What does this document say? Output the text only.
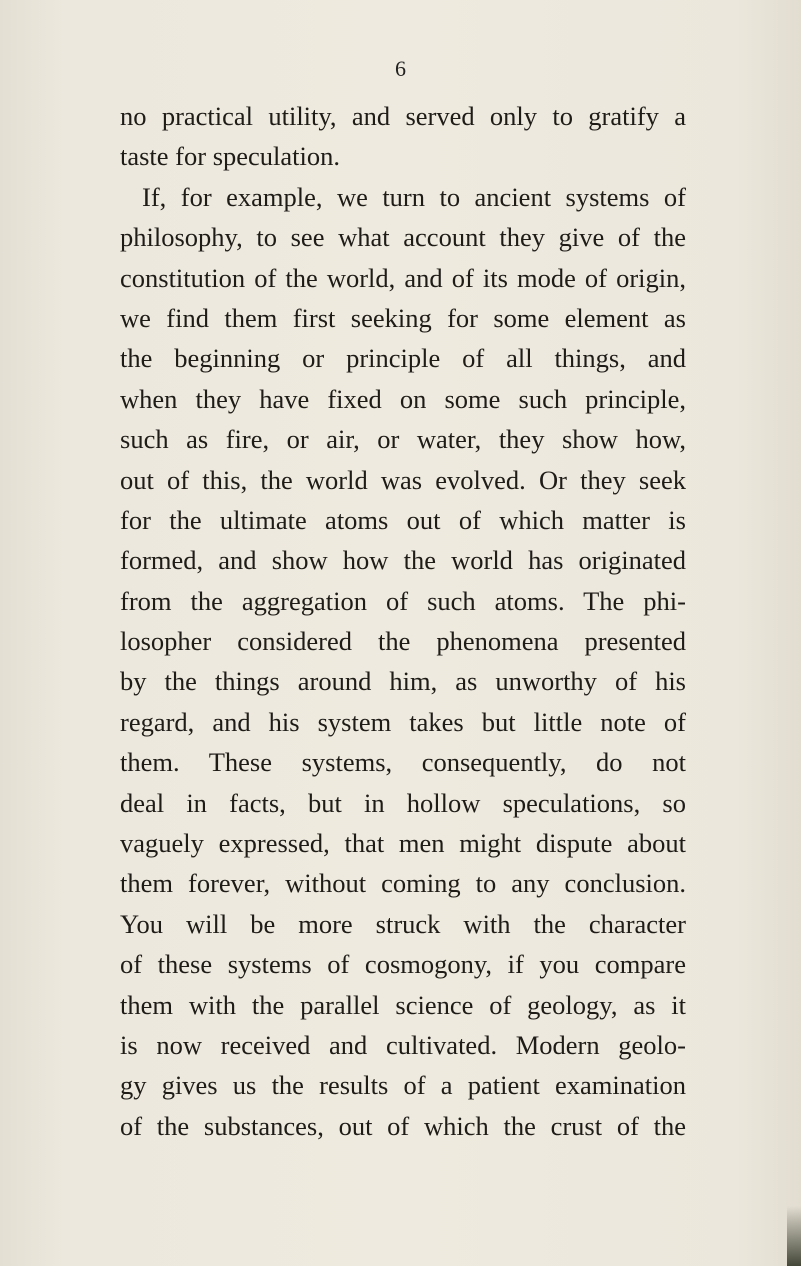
6
no practical utility, and served only to gratify a
taste for speculation.
If, for example, we turn to ancient systems of
philosophy, to see what account they give of the
constitution of the world, and of its mode of origin,
we find them first seeking for some element as
the beginning or principle of all things, and
when they have fixed on some such principle,
such as fire, or air, or water, they show how,
out of this, the world was evolved. Or they seek
for the ultimate atoms out of which matter is
formed, and show how the world has originated
from the aggregation of such atoms. The phi-
losopher considered the phenomena presented
by the things around him, as unworthy of his
regard, and his system takes but little note of
them. These systems, consequently, do not
deal in facts, but in hollow speculations, so
vaguely expressed, that men might dispute about
them forever, without coming to any conclusion.
You will be more struck with the character
of these systems of cosmogony, if you compare
them with the parallel science of geology, as it
is now received and cultivated. Modern geolo-
gy gives us the results of a patient examination
of the substances, out of which the crust of the
